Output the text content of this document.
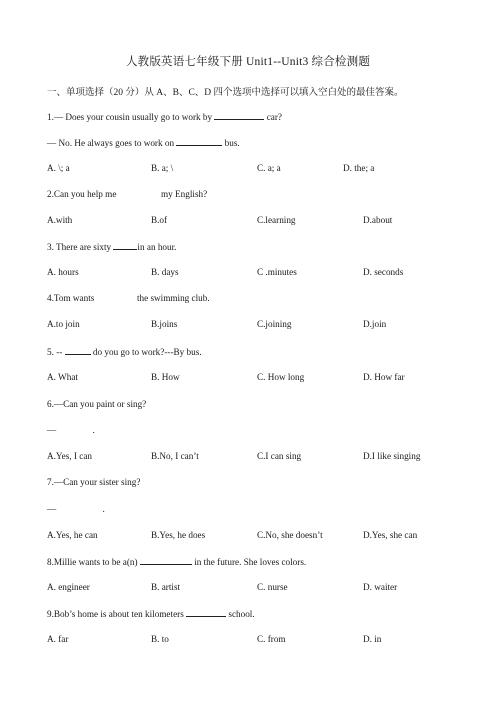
人教版英语七年级下册 Unit1--Unit3 综合检测题
一、单项选择（20 分）从 A、B、C、D 四个选项中选择可以填入空白处的最佳答案。
1.— Does your cousin usually go to work by	car?
— No. He always goes to work on	bus.
A. \; a	B. a; \	C. a; a	D. the; a
2.Can you help me	my English?
A.with	B.of	C.learning	D.about
3. There are sixty	in an hour.
A. hours	B. days	C .minutes	D. seconds
4.Tom wants	the swimming club.
A.to join	B.joins	C.joining	D.join
5. --	do you go to work?---By bus.
A. What	B. How	C. How long	D. How far
6.—Can you paint or sing?
—	.
A.Yes, I can	B.No, I can’t	C.I can sing	D.I like singing
7.—Can your sister sing?
—	.
A.Yes, he can	B.Yes, he does	C.No, she doesn’t	D.Yes, she can
8.Millie wants to be a(n)	in the future. She loves colors.
A. engineer	B. artist	C. nurse	D. waiter
9.Bob’s home is about ten kilometers	school.
A. far	B. to	C. from	D. in
